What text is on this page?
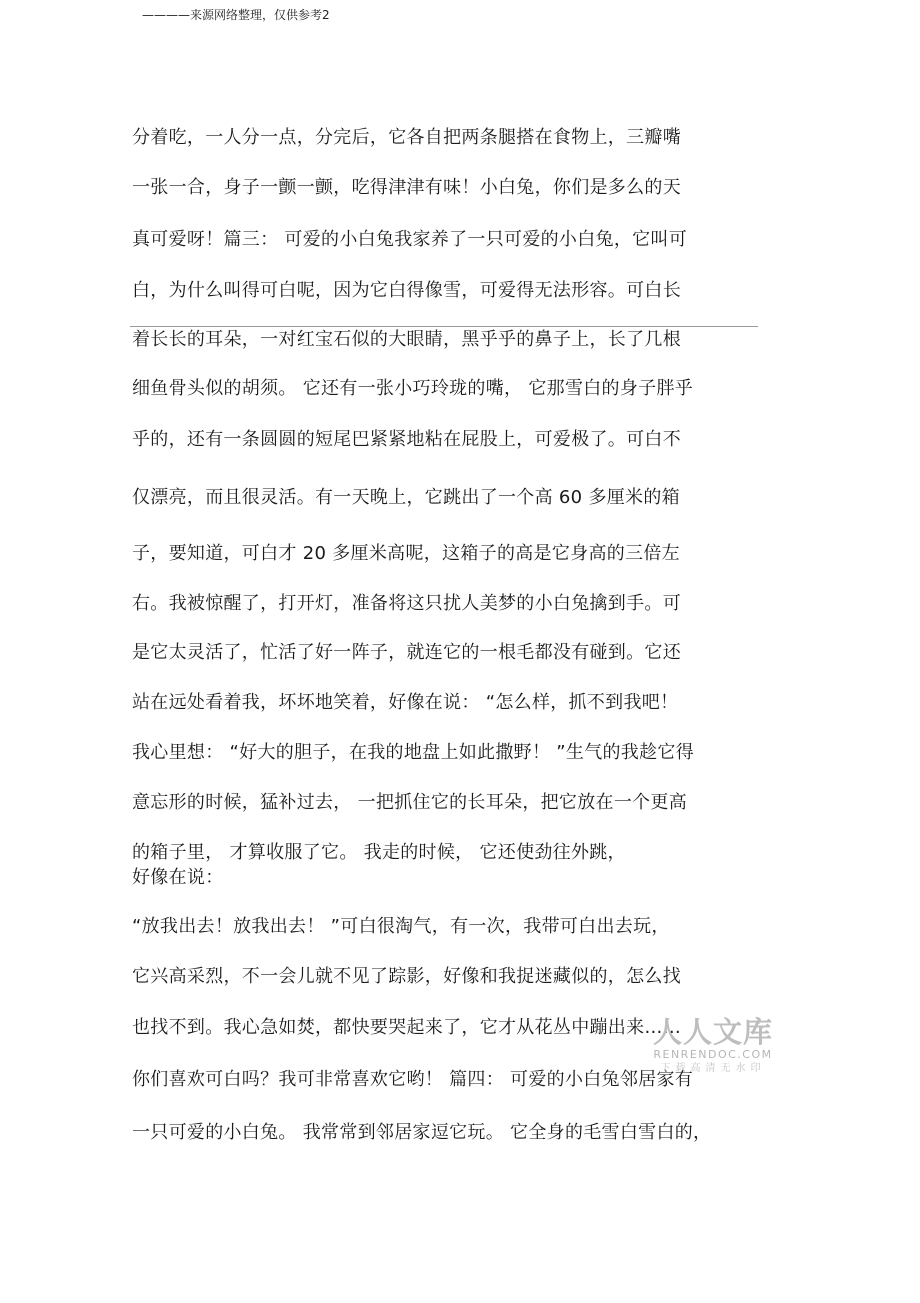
————来源网络整理，仅供参考2
分着吃，一人分一点，分完后，它各自把两条腿搭在食物上，三瓣嘴
一张一合，身子一颤一颤，吃得津津有味！小白兔，你们是多么的天
真可爱呀！篇三： 可爱的小白兔我家养了一只可爱的小白兔，它叫可
白，为什么叫得可白呢，因为它白得像雪，可爱得无法形容。可白长
着长长的耳朵，一对红宝石似的大眼睛，黑乎乎的鼻子上，长了几根
细鱼骨头似的胡须。 它还有一张小巧玲珑的嘴， 它那雪白的身子胖乎
乎的，还有一条圆圆的短尾巴紧紧地粘在屁股上，可爱极了。可白不
仅漂亮，而且很灵活。有一天晚上，它跳出了一个高 60 多厘米的箱
子，要知道，可白才 20 多厘米高呢，这箱子的高是它身高的三倍左
右。我被惊醒了，打开灯，准备将这只扰人美梦的小白兔擒到手。可
是它太灵活了，忙活了好一阵子，就连它的一根毛都没有碰到。它还
站在远处看着我，坏坏地笑着，好像在说： “怎么样，抓不到我吧！
我心里想： “好大的胆子，在我的地盘上如此撒野！ ”生气的我趁它得
意忘形的时候，猛补过去， 一把抓住它的长耳朵，把它放在一个更高
的箱子里， 才算收服了它。 我走的时候， 它还使劲往外跳，
好像在说：
“放我出去！放我出去！ ”可白很淘气，有一次，我带可白出去玩，
它兴高采烈，不一会儿就不见了踪影，好像和我捉迷藏似的，怎么找
也找不到。我心急如焚，都快要哭起来了，它才从花丛中蹦出来……
你们喜欢可白吗？我可非常喜欢它哟！ 篇四： 可爱的小白兔邻居家有
一只可爱的小白兔。 我常常到邻居家逗它玩。 它全身的毛雪白雪白的，
人人文库
RENRENDOC.COM
下载高清无水印
